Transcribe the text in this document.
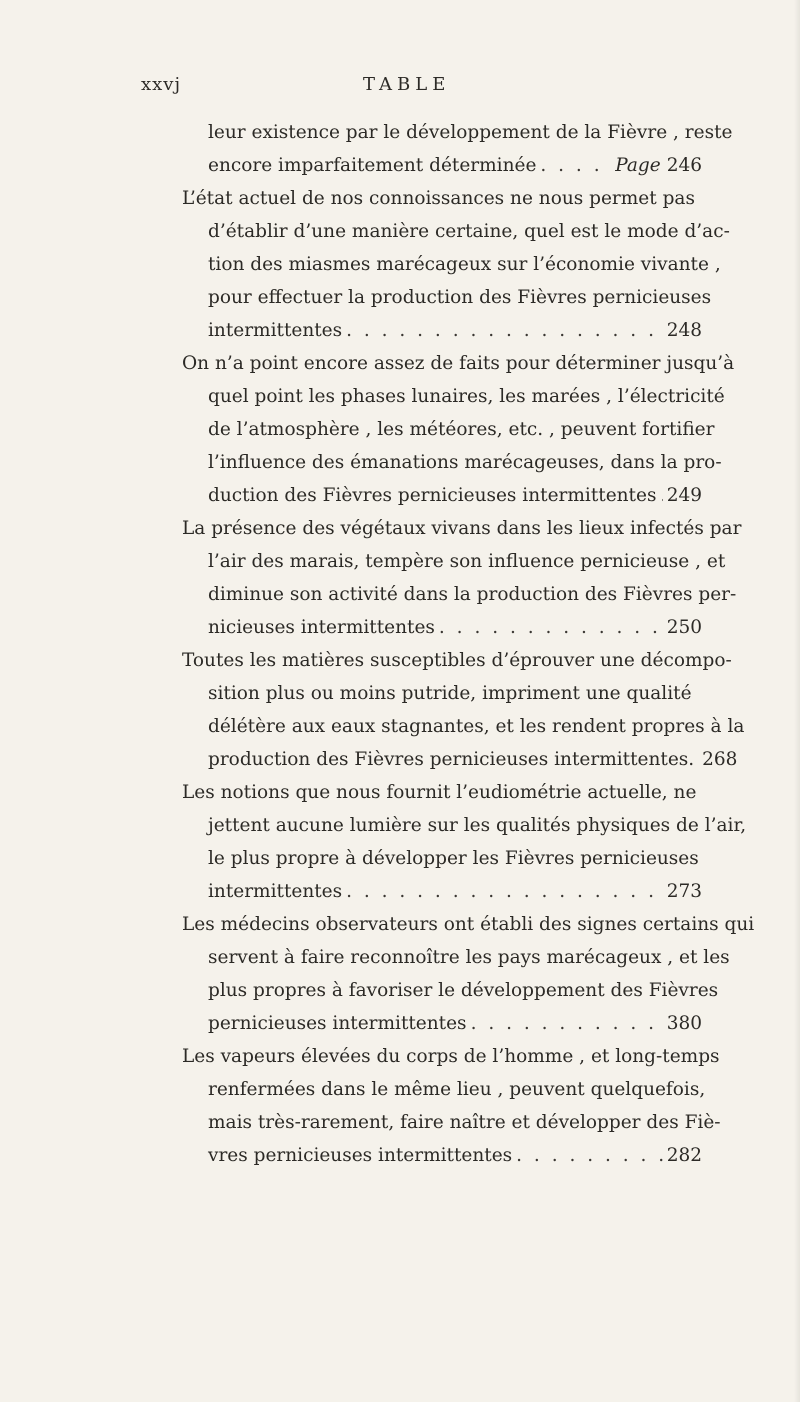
xxvj	TABLE
leur existence par le développement de la Fièvre , reste
encore imparfaitement déterminée . . .	Page 246
L’état actuel de nos connoissances ne nous permet pas
d’établir d’une manière certaine, quel est le mode d’ac-
tion des miasmes marécageux sur l’économie vivante ,
pour effectuer la production des Fièvres pernicieuses
intermittentes . . .	248
On n’a point encore assez de faits pour déterminer jusqu’à
quel point les phases lunaires, les marées , l’électricité
de l’atmosphère , les météores, etc. , peuvent fortifier
l’influence des émanations marécageuses, dans la pro-
duction des Fièvres pernicieuses intermittentes . . . 249
La présence des végétaux vivans dans les lieux infectés par
l’air des marais, tempère son influence pernicieuse , et
diminue son activité dans la production des Fièvres per-
nicieuses intermittentes . . .	250
Toutes les matières susceptibles d’éprouver une décompo-
sition plus ou moins putride, impriment une qualité
délétère aux eaux stagnantes, et les rendent propres à la
production des Fièvres pernicieuses intermittentes. 268
Les notions que nous fournit l’eudiométrie actuelle, ne
jettent aucune lumière sur les qualités physiques de l’air,
le plus propre à développer les Fièvres pernicieuses
intermittentes . . .	273
Les médecins observateurs ont établi des signes certains qui
servent à faire reconnoître les pays marécageux , et les
plus propres à favoriser le développement des Fièvres
pernicieuses intermittentes . . .	380
Les vapeurs élevées du corps de l’homme , et long-temps
renfermées dans le même lieu , peuvent quelquefois,
mais très-rarement, faire naître et développer des Fiè-
vres pernicieuses intermittentes . . .	282
